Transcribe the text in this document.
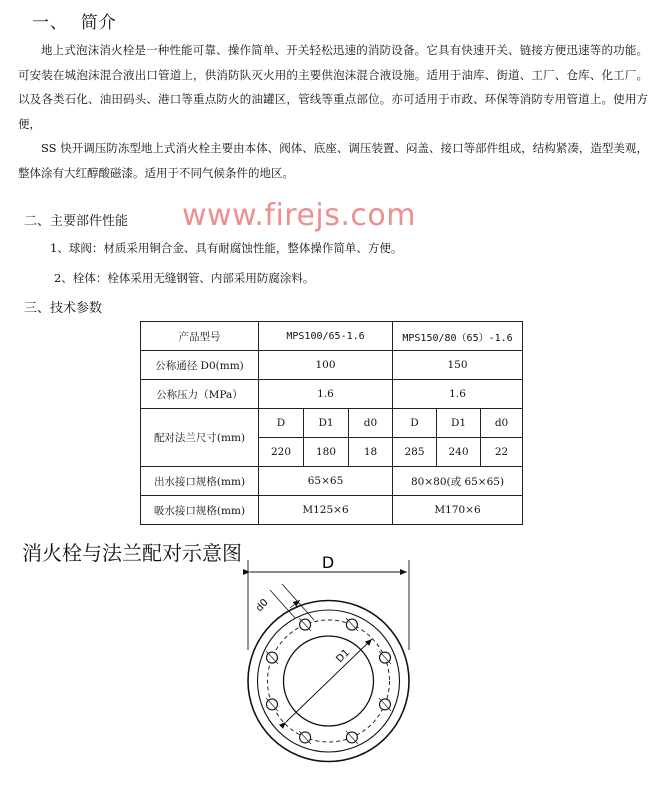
一、  简介

地上式泡沫消火栓是一种性能可靠、操作简单、开关轻松迅速的消防设备。它具有快速开关、链接方便迅速等的功能。可安装在城泡沫混合液出口管道上，供消防队灭火用的主要供泡沫混合液设施。适用于油库、街道、工厂、仓库、化工厂。以及各类石化、油田码头、港口等重点防火的油罐区，管线等重点部位。亦可适用于市政、环保等消防专用管道上。使用方便，

SS 快开调压防冻型地上式消火栓主要由本体、阀体、底座、调压装置、闷盖、接口等部件组成，结构紧凑，造型美观，整体涂有大红醇酸磁漆。适用于不同气候条件的地区。

www.firejs.com
二、主要部件性能
1、球阀：材质采用铜合金、具有耐腐蚀性能，整体操作简单、方便。
2、栓体：栓体采用无缝钢管、内部采用防腐涂料。
三、技术参数
产品型号	MPS100/65-1.6			MPS150/80（65）-1.6		
公称通径 D0(mm)	100			150		
公称压力（MPa）	1.6			1.6		
配对法兰尺寸(mm)	D	D1	d0	D	D1	d0
	220	180	18	285	240	22
出水接口规格(mm)	65×65			80×80(或 65×65)		
吸水接口规格(mm)	M125×6			M170×6		
消火栓与法兰配对示意图	D
d0
D1
